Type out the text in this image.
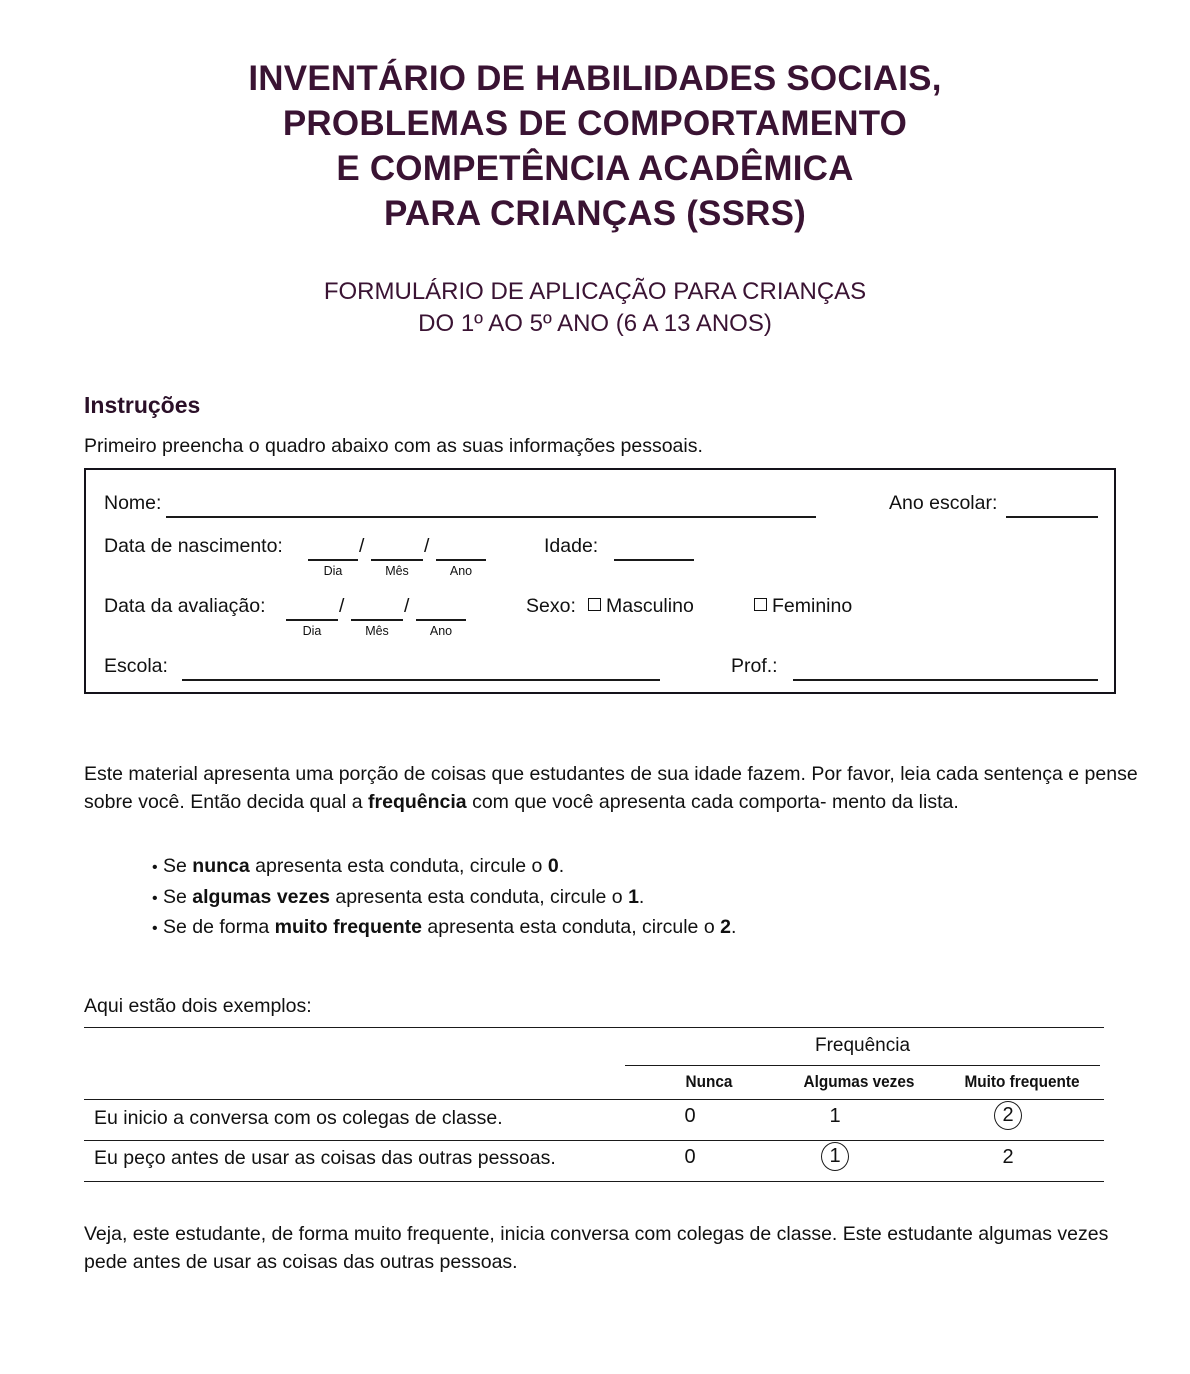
INVENTÁRIO DE HABILIDADES SOCIAIS,
PROBLEMAS DE COMPORTAMENTO
E COMPETÊNCIA ACADÊMICA
PARA CRIANÇAS (SSRS)
FORMULÁRIO DE APLICAÇÃO PARA CRIANÇAS
DO 1º AO 5º ANO (6 A 13 ANOS)
Instruções
Primeiro preencha o quadro abaixo com as suas informações pessoais.
Nome:	Ano escolar:
Data de nascimento:	/	/
Dia	Mês	Ano
Idade:
Data da avaliação:	/	/
Dia	Mês	Ano
Sexo:	Masculino	Feminino
Escola:	Prof.:
Este material apresenta uma porção de coisas que estudantes de sua idade fazem. Por favor, leia cada sentença e pense sobre você. Então decida qual a frequência com que você apresenta cada comporta- mento da lista.
•Se nunca apresenta esta conduta, circule o 0.
•Se algumas vezes apresenta esta conduta, circule o 1.
•Se de forma muito frequente apresenta esta conduta, circule o 2.
Aqui estão dois exemplos:
Frequência
Nunca	Algumas vezes	Muito frequente
Eu inicio a conversa com os colegas de classe.	0	1	2
Eu peço antes de usar as coisas das outras pessoas.	0	1	2
Veja, este estudante, de forma muito frequente, inicia conversa com colegas de classe. Este estudante algumas vezes pede antes de usar as coisas das outras pessoas.
